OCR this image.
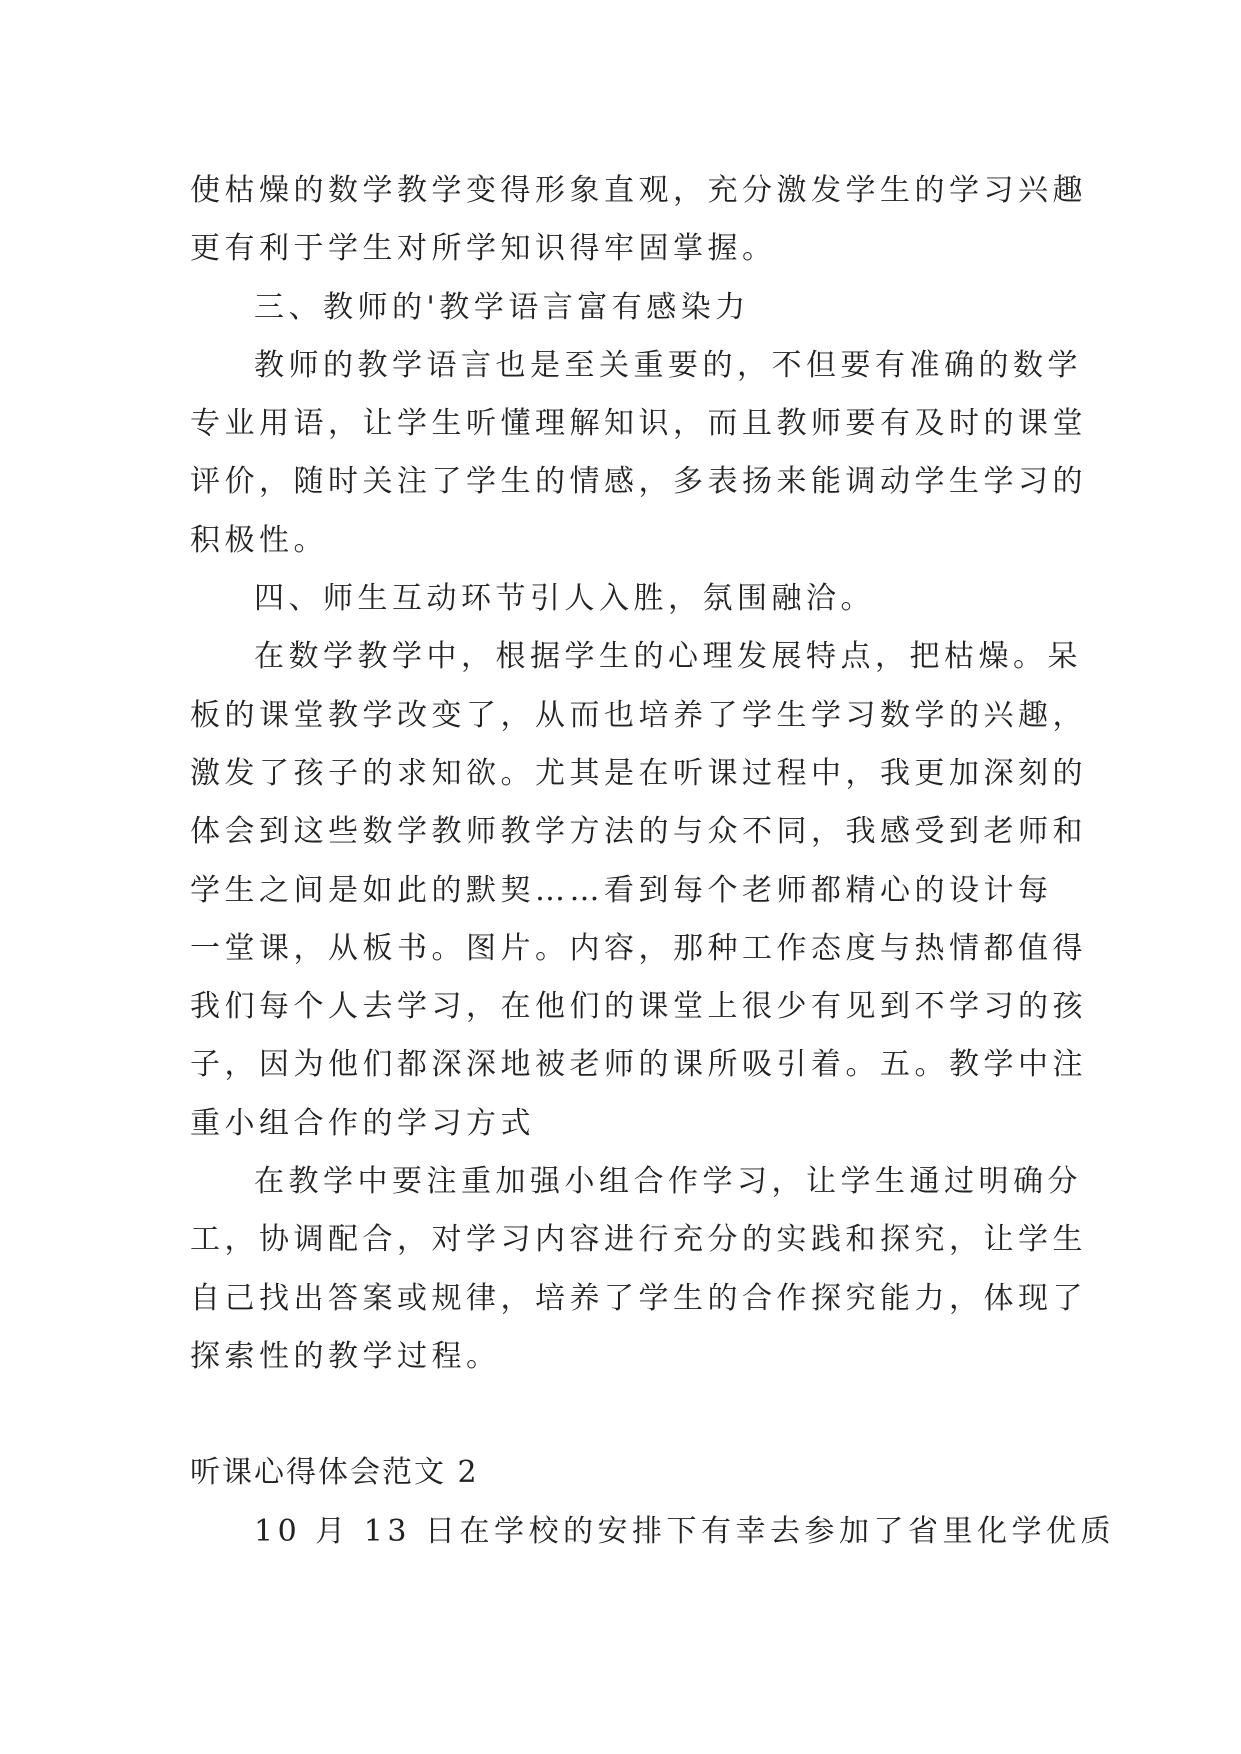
使枯燥的数学教学变得形象直观，充分激发学生的学习兴趣
更有利于学生对所学知识得牢固掌握。
三、教师的'教学语言富有感染力
教师的教学语言也是至关重要的，不但要有准确的数学
专业用语，让学生听懂理解知识，而且教师要有及时的课堂
评价，随时关注了学生的情感，多表扬来能调动学生学习的
积极性。
四、师生互动环节引人入胜，氛围融洽。
在数学教学中，根据学生的心理发展特点，把枯燥。呆
板的课堂教学改变了，从而也培养了学生学习数学的兴趣，
激发了孩子的求知欲。尤其是在听课过程中，我更加深刻的
体会到这些数学教师教学方法的与众不同，我感受到老师和
学生之间是如此的默契……看到每个老师都精心的设计每
一堂课，从板书。图片。内容，那种工作态度与热情都值得
我们每个人去学习，在他们的课堂上很少有见到不学习的孩
子，因为他们都深深地被老师的课所吸引着。五。教学中注
重小组合作的学习方式
在教学中要注重加强小组合作学习，让学生通过明确分
工，协调配合，对学习内容进行充分的实践和探究，让学生
自己找出答案或规律，培养了学生的合作探究能力，体现了
探索性的教学过程。
听课心得体会范文 2
10 月 13 日在学校的安排下有幸去参加了省里化学优质
